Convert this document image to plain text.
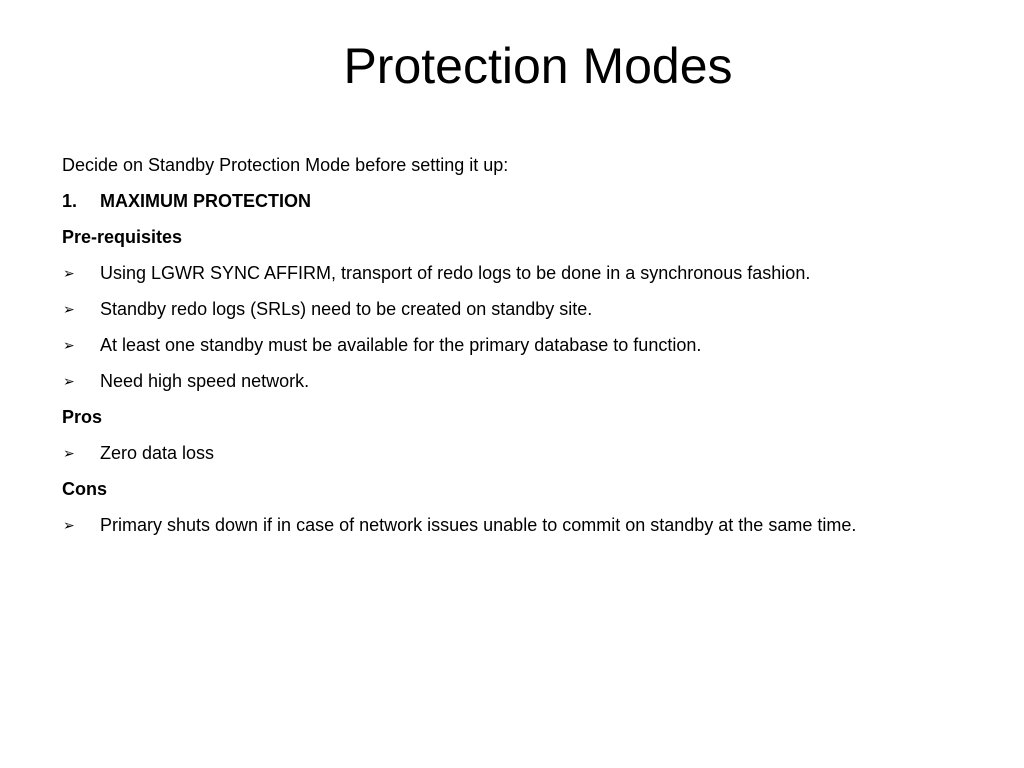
Protection Modes
Decide on Standby Protection Mode before setting it up:
1.	MAXIMUM PROTECTION
Pre-requisites
➢	Using LGWR SYNC AFFIRM, transport of redo logs to be done in a synchronous fashion.
➢	Standby redo logs (SRLs) need to be created on standby site.
➢	At least one standby must be available for the primary database to function.
➢	Need high speed network.
Pros
➢	Zero data loss
Cons
➢	Primary shuts down if in case of network issues unable to commit on standby at the same time.
